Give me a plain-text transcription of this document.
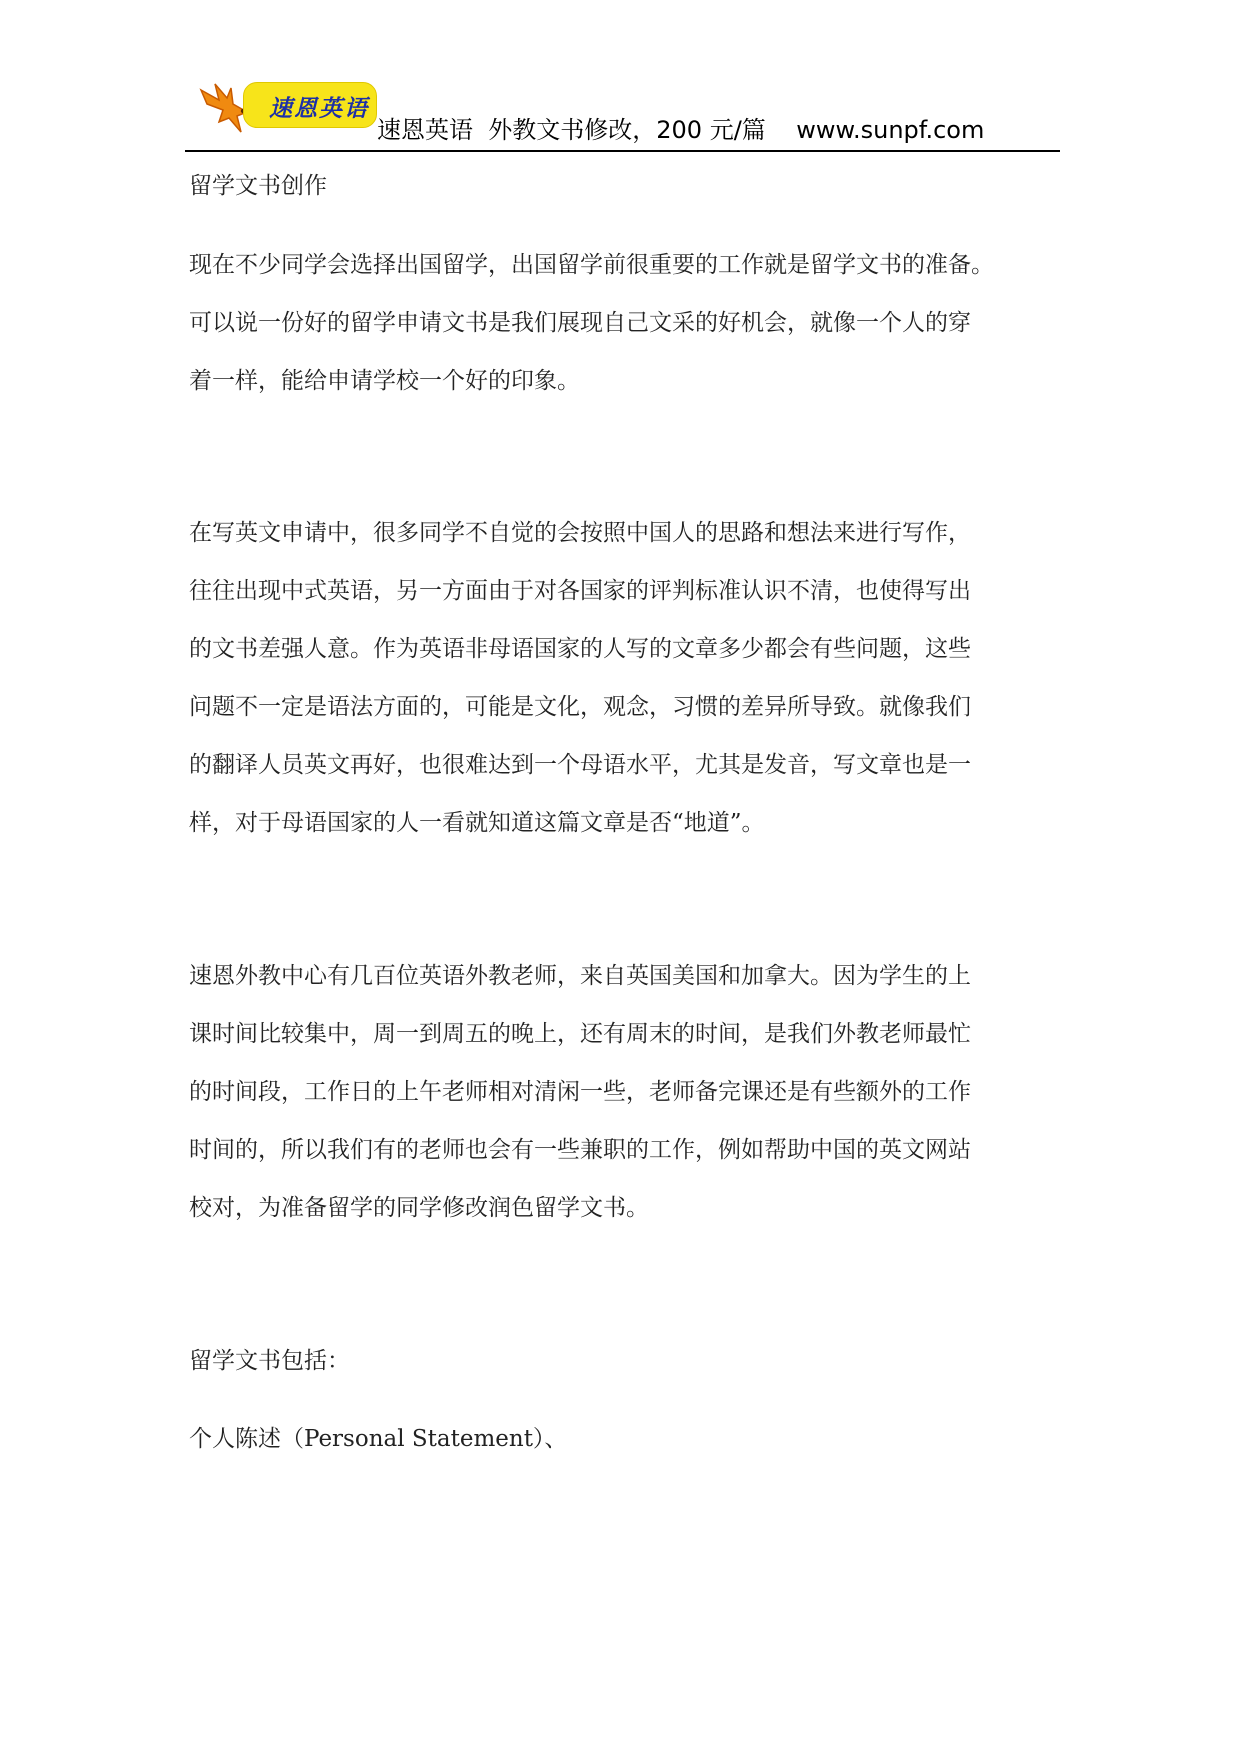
速恩英语
速恩英语  外教文书修改，200 元/篇    www.sunpf.com
留学文书创作
现在不少同学会选择出国留学，出国留学前很重要的工作就是留学文书的准备。
可以说一份好的留学申请文书是我们展现自己文采的好机会，就像一个人的穿
着一样，能给申请学校一个好的印象。
在写英文申请中，很多同学不自觉的会按照中国人的思路和想法来进行写作，
往往出现中式英语，另一方面由于对各国家的评判标准认识不清，也使得写出
的文书差强人意。作为英语非母语国家的人写的文章多少都会有些问题，这些
问题不一定是语法方面的，可能是文化，观念，习惯的差异所导致。就像我们
的翻译人员英文再好，也很难达到一个母语水平，尤其是发音，写文章也是一
样，对于母语国家的人一看就知道这篇文章是否“地道”。
速恩外教中心有几百位英语外教老师，来自英国美国和加拿大。因为学生的上
课时间比较集中，周一到周五的晚上，还有周末的时间，是我们外教老师最忙
的时间段，工作日的上午老师相对清闲一些，老师备完课还是有些额外的工作
时间的，所以我们有的老师也会有一些兼职的工作，例如帮助中国的英文网站
校对，为准备留学的同学修改润色留学文书。
留学文书包括：
个人陈述（Personal Statement）、
